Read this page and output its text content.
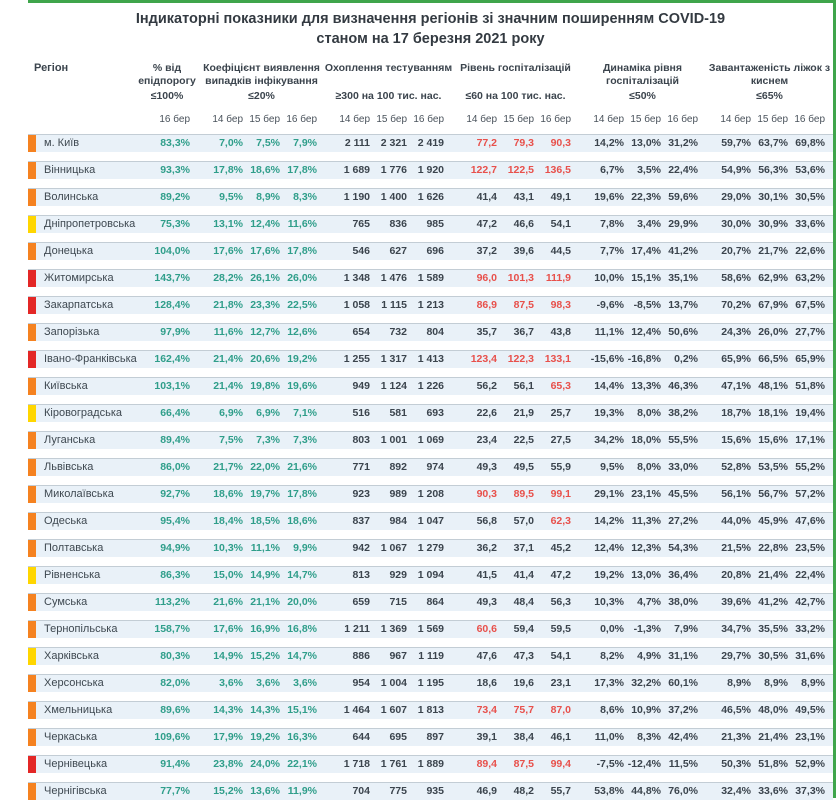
Індикаторні показники для визначення регіонів зі значним поширенням COVID-19
станом на 17 березня 2021 року
Регіон	% від епідпорогу
≤100%
16 бер
Коефіцієнт виявлення випадків інфікування
≤20%
14 бер 15 бер 16 бер
Охоплення тестуванням
≥300 на 100 тис. нас.
14 бер 15 бер 16 бер
Рівень госпіталізацій
≤60 на 100 тис. нас.
14 бер 15 бер 16 бер
Динаміка рівня госпіталізацій
≤50%
14 бер 15 бер 16 бер
Завантаженість ліжок з киснем
≤65%
14 бер 15 бер 16 бер
м. Київ	83,3%	7,0%	7,5%	7,9%	2 111	2 321	2 419	77,2	79,3	90,3	14,2% 13,0% 31,2%	59,7% 63,7% 69,8%
Вінницька	93,3%	17,8% 18,6% 17,8%	1 689	1 776	1 920	122,7	122,5	136,5	6,7%	3,5% 22,4%	54,9% 56,3% 53,6%
Волинська	89,2%	9,5%	8,9%	8,3%	1 190	1 400	1 626	41,4	43,1	49,1	19,6% 22,3% 59,6%	29,0% 30,1% 30,5%
Дніпропетровська	75,3%	13,1% 12,4% 11,6%	765	836	985	47,2	46,6	54,1	7,8%	3,4% 29,9%	30,0% 30,9% 33,6%
Донецька	104,0%	17,6% 17,6% 17,8%	546	627	696	37,2	39,6	44,5	7,7% 17,4% 41,2%	20,7% 21,7% 22,6%
Житомирська	143,7%	28,2% 26,1% 26,0%	1 348	1 476	1 589	96,0	101,3	111,9	10,0% 15,1% 35,1%	58,6% 62,9% 63,2%
Закарпатська	128,4%	21,8% 23,3% 22,5%	1 058	1 115	1 213	86,9	87,5	98,3	-9,6% -8,5% 13,7%	70,2% 67,9% 67,5%
Запорізька	97,9%	11,6% 12,7% 12,6%	654	732	804	35,7	36,7	43,8	11,1% 12,4% 50,6%	24,3% 26,0% 27,7%
Івано-Франківська	162,4%	21,4% 20,6% 19,2%	1 255	1 317	1 413	123,4	122,3	133,1	-15,6% -16,8%	0,2%	65,9% 66,5% 65,9%
Київська	103,1%	21,4% 19,8% 19,6%	949	1 124	1 226	56,2	56,1	65,3	14,4% 13,3% 46,3%	47,1% 48,1% 51,8%
Кіровоградська	66,4%	6,9%	6,9%	7,1%	516	581	693	22,6	21,9	25,7	19,3%	8,0% 38,2%	18,7% 18,1% 19,4%
Луганська	89,4%	7,5%	7,3%	7,3%	803	1 001	1 069	23,4	22,5	27,5	34,2% 18,0% 55,5%	15,6% 15,6% 17,1%
Львівська	86,0%	21,7% 22,0% 21,6%	771	892	974	49,3	49,5	55,9	9,5%	8,0% 33,0%	52,8% 53,5% 55,2%
Миколаївська	92,7%	18,6% 19,7% 17,8%	923	989	1 208	90,3	89,5	99,1	29,1% 23,1% 45,5%	56,1% 56,7% 57,2%
Одеська	95,4%	18,4% 18,5% 18,6%	837	984	1 047	56,8	57,0	62,3	14,2% 11,3% 27,2%	44,0% 45,9% 47,6%
Полтавська	94,9%	10,3% 11,1%	9,9%	942	1 067	1 279	36,2	37,1	45,2	12,4% 12,3% 54,3%	21,5% 22,8% 23,5%
Рівненська	86,3%	15,0% 14,9% 14,7%	813	929	1 094	41,5	41,4	47,2	19,2% 13,0% 36,4%	20,8% 21,4% 22,4%
Сумська	113,2%	21,6% 21,1% 20,0%	659	715	864	49,3	48,4	56,3	10,3%	4,7% 38,0%	39,6% 41,2% 42,7%
Тернопільська	158,7%	17,6% 16,9% 16,8%	1 211	1 369	1 569	60,6	59,4	59,5	0,0% -1,3%	7,9%	34,7% 35,5% 33,2%
Харківська	80,3%	14,9% 15,2% 14,7%	886	967	1 119	47,6	47,3	54,1	8,2%	4,9% 31,1%	29,7% 30,5% 31,6%
Херсонська	82,0%	3,6%	3,6%	3,6%	954	1 004	1 195	18,6	19,6	23,1	17,3% 32,2% 60,1%	8,9%	8,9%	8,9%
Хмельницька	89,6%	14,3% 14,3% 15,1%	1 464	1 607	1 813	73,4	75,7	87,0	8,6% 10,9% 37,2%	46,5% 48,0% 49,5%
Черкаська	109,6%	17,9% 19,2% 16,3%	644	695	897	39,1	38,4	46,1	11,0%	8,3% 42,4%	21,3% 21,4% 23,1%
Чернівецька	91,4%	23,8% 24,0% 22,1%	1 718	1 761	1 889	89,4	87,5	99,4	-7,5% -12,4% 11,5%	50,3% 51,8% 52,9%
Чернігівська	77,7%	15,2% 13,6% 11,9%	704	775	935	46,9	48,2	55,7	53,8% 44,8% 76,0%	32,4% 33,6% 37,3%
